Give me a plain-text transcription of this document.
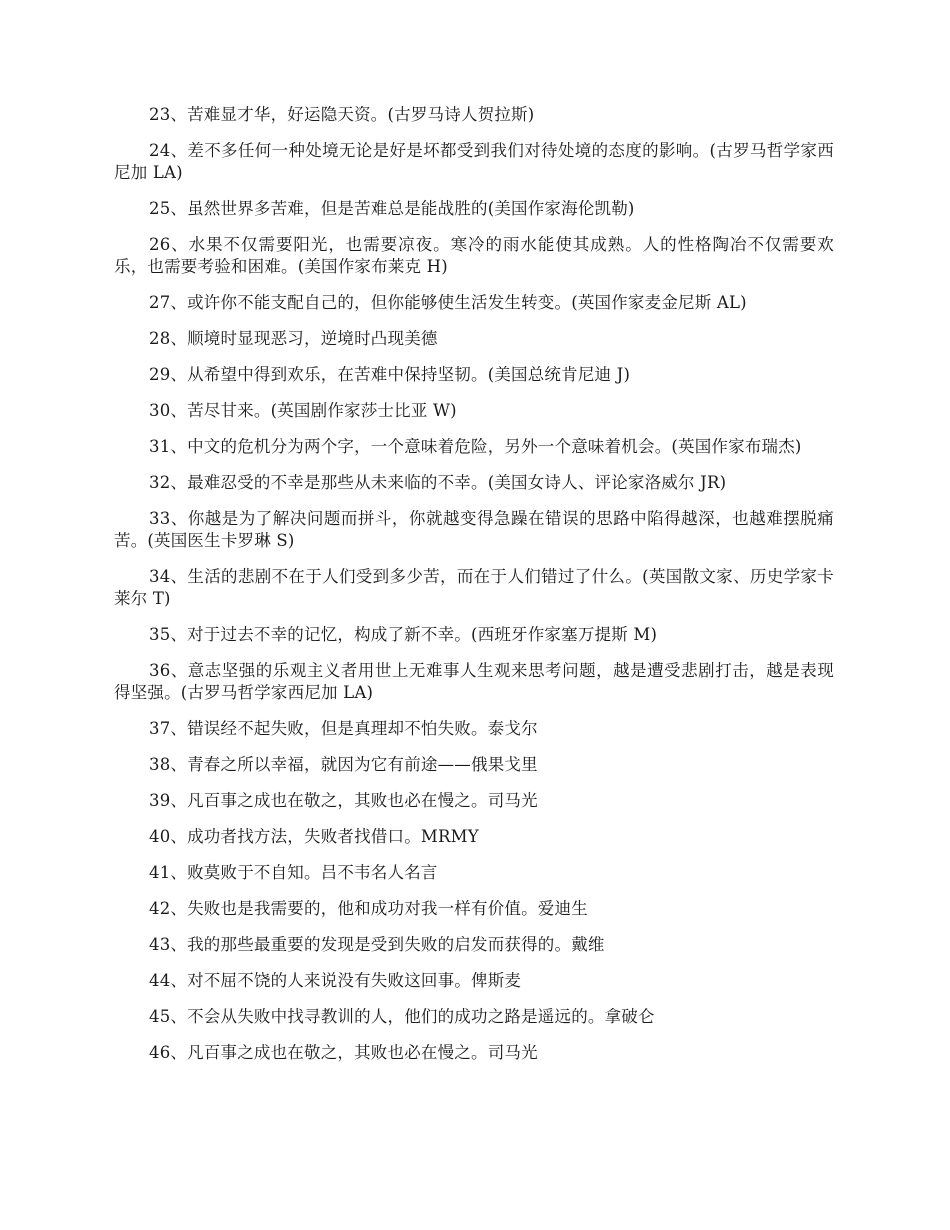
23、苦难显才华，好运隐天资。(古罗马诗人贺拉斯)

24、差不多任何一种处境无论是好是坏都受到我们对待处境的态度的影响。(古罗马哲学家西尼加 LA)

25、虽然世界多苦难，但是苦难总是能战胜的(美国作家海伦凯勒)

26、水果不仅需要阳光，也需要凉夜。寒冷的雨水能使其成熟。人的性格陶冶不仅需要欢乐，也需要考验和困难。(美国作家布莱克 H)

27、或许你不能支配自己的，但你能够使生活发生转变。(英国作家麦金尼斯 AL)

28、顺境时显现恶习，逆境时凸现美德

29、从希望中得到欢乐，在苦难中保持坚韧。(美国总统肯尼迪 J)

30、苦尽甘来。(英国剧作家莎士比亚 W)

31、中文的危机分为两个字，一个意味着危险，另外一个意味着机会。(英国作家布瑞杰)

32、最难忍受的不幸是那些从未来临的不幸。(美国女诗人、评论家洛威尔 JR)

33、你越是为了解决问题而拼斗，你就越变得急躁在错误的思路中陷得越深，也越难摆脱痛苦。(英国医生卡罗琳 S)

34、生活的悲剧不在于人们受到多少苦，而在于人们错过了什么。(英国散文家、历史学家卡莱尔 T)

35、对于过去不幸的记忆，构成了新不幸。(西班牙作家塞万提斯 M)

36、意志坚强的乐观主义者用世上无难事人生观来思考问题，越是遭受悲剧打击，越是表现得坚强。(古罗马哲学家西尼加 LA)

37、错误经不起失败，但是真理却不怕失败。泰戈尔

38、青春之所以幸福，就因为它有前途——俄果戈里

39、凡百事之成也在敬之，其败也必在慢之。司马光

40、成功者找方法，失败者找借口。MRMY

41、败莫败于不自知。吕不韦名人名言

42、失败也是我需要的，他和成功对我一样有价值。爱迪生

43、我的那些最重要的发现是受到失败的启发而获得的。戴维

44、对不屈不饶的人来说没有失败这回事。俾斯麦

45、不会从失败中找寻教训的人，他们的成功之路是遥远的。拿破仑

46、凡百事之成也在敬之，其败也必在慢之。司马光
